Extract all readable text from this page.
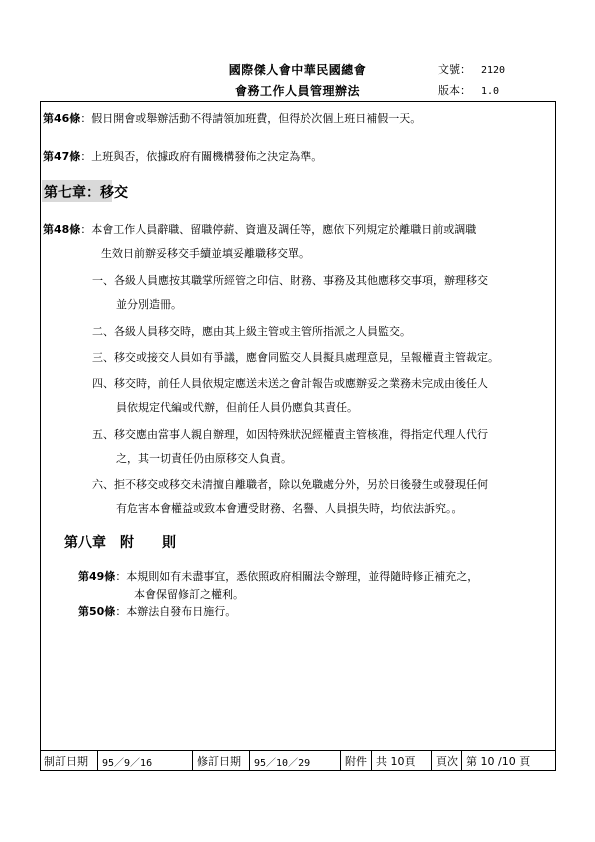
國際傑人會中華民國總會
會務工作人員管理辦法
文號： 2120
版本： 1.0
第46條：假日開會或舉辦活動不得請領加班費，但得於次個上班日補假一天。
第47條：上班與否，依據政府有關機構發佈之決定為準。
第七章：移交
第48條：本會工作人員辭職、留職停薪、資遣及調任等，應依下列規定於離職日前或調職
生效日前辦妥移交手續並填妥離職移交單。
一、各級人員應按其職掌所經管之印信、財務、事務及其他應移交事項，辦理移交
並分別造冊。
二、各級人員移交時，應由其上級主管或主管所指派之人員監交。
三、移交或接交人員如有爭議，應會同監交人員擬具處理意見，呈報權責主管裁定。
四、移交時，前任人員依規定應送未送之會計報告或應辦妥之業務未完成由後任人
員依規定代編或代辦，但前任人員仍應負其責任。
五、移交應由當事人親自辦理，如因特殊狀況經權責主管核准，得指定代理人代行
之，其一切責任仍由原移交人負責。
六、拒不移交或移交未清擅自離職者，除以免職處分外，另於日後發生或發現任何
有危害本會權益或致本會遭受財務、名譽、人員損失時，均依法訴究。。
第八章 附 則
第49條：本規則如有未盡事宜，悉依照政府相關法令辦理，並得隨時修正補充之，
本會保留修訂之權利。
第50條：本辦法自發布日施行。
制訂日期	95／9／16	修訂日期	95／10／29	附件 共 10頁	頁次 第 10 /10 頁
